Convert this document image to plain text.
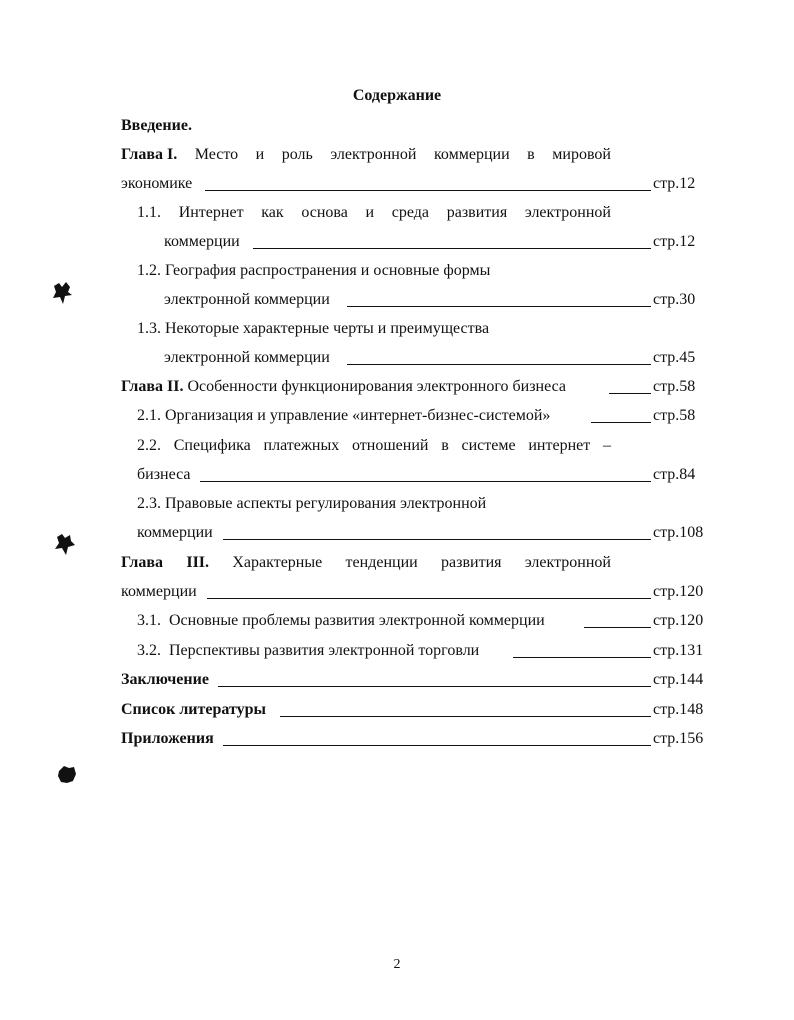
Содержание
Введение.
Глава I. Место и роль электронной коммерции в мировой
экономике	стр.12
1.1. Интернет как основа и среда развития электронной
коммерции	стр.12
1.2. География распространения и основные формы
электронной коммерции	стр.30
1.3. Некоторые характерные черты и преимущества
электронной коммерции	стр.45
Глава II. Особенности функционирования электронного бизнеса	стр.58
2.1. Организация и управление «интернет-бизнес-системой»	стр.58
2.2. Специфика платежных отношений в системе интернет –
бизнеса	стр.84
2.3. Правовые аспекты регулирования электронной
коммерции	стр.108
Глава III. Характерные тенденции развития электронной
коммерции	стр.120
3.1.  Основные проблемы развития электронной коммерции	стр.120
3.2.  Перспективы развития электронной торговли	стр.131
Заключение	стр.144
Список литературы	стр.148
Приложения	стр.156
2
